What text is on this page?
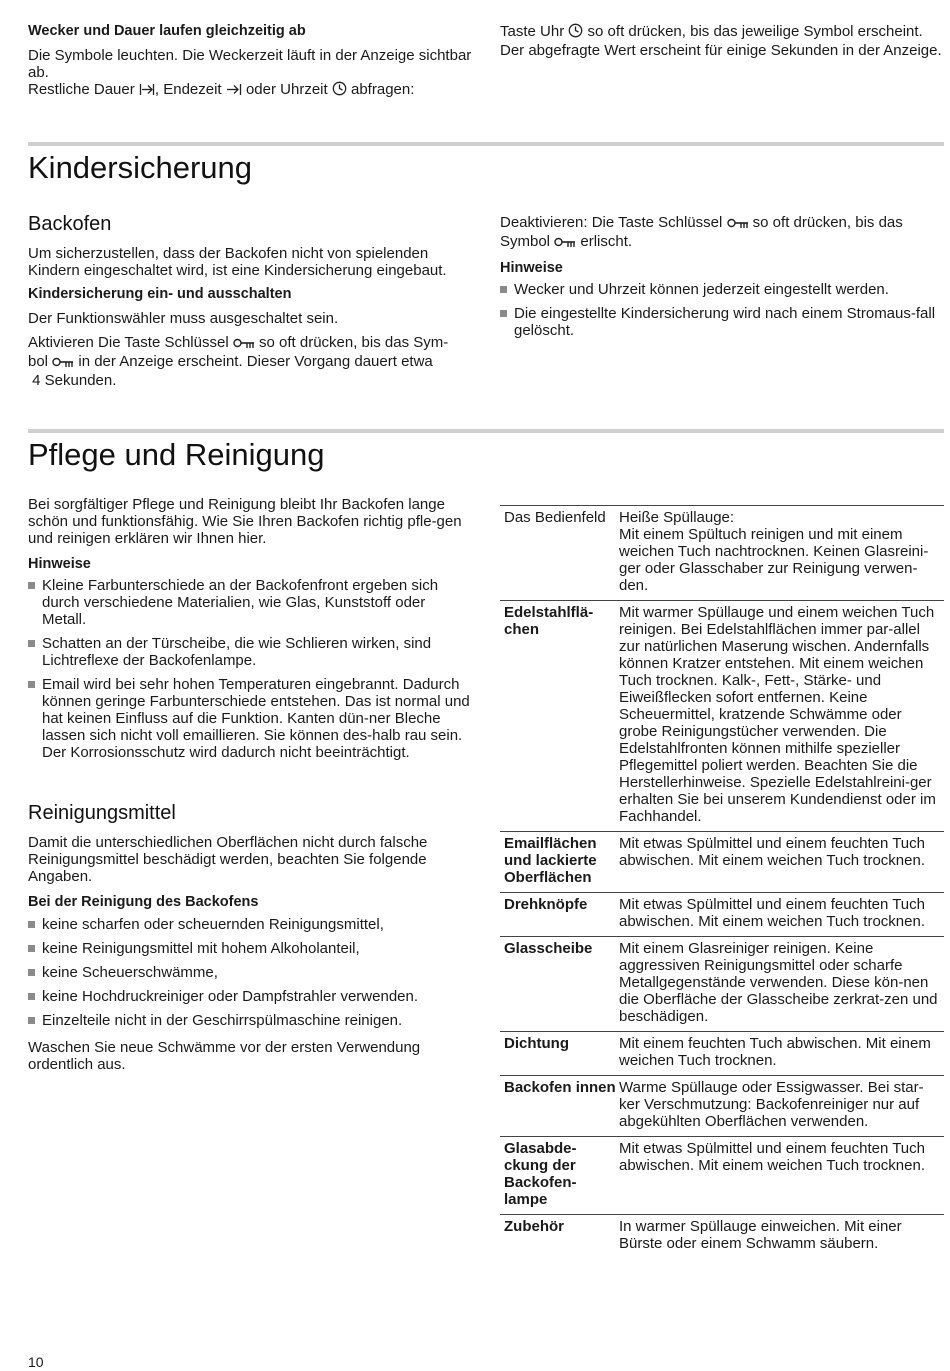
Wecker und Dauer laufen gleichzeitig ab

Die Symbole leuchten. Die Weckerzeit läuft in der Anzeige sichtbar ab.

Restliche Dauer , Endezeit oder Uhrzeit abfragen:

Taste Uhr so oft drücken, bis das jeweilige Symbol erscheint.

Der abgefragte Wert erscheint für einige Sekunden in der Anzeige.

Kindersicherung
Backofen

Um sicherzustellen, dass der Backofen nicht von spielenden Kindern eingeschaltet wird, ist eine Kindersicherung eingebaut.

Kindersicherung ein- und ausschalten

Der Funktionswähler muss ausgeschaltet sein.

Aktivieren Die Taste Schlüssel so oft drücken, bis das Sym-
bol in der Anzeige erscheint. Dieser Vorgang dauert etwa
4 Sekunden.

Deaktivieren: Die Taste Schlüssel so oft drücken, bis das
Symbol erlischt.

Hinweise

Wecker und Uhrzeit können jederzeit eingestellt werden.
Die eingestellte Kindersicherung wird nach einem Stromaus-fall gelöscht.
Pflege und Reinigung

Bei sorgfältiger Pflege und Reinigung bleibt Ihr Backofen lange schön und funktionsfähig. Wie Sie Ihren Backofen richtig pfle-gen und reinigen erklären wir Ihnen hier.

Hinweise

Kleine Farbunterschiede an der Backofenfront ergeben sich durch verschiedene Materialien, wie Glas, Kunststoff oder Metall.
Schatten an der Türscheibe, die wie Schlieren wirken, sind Lichtreflexe der Backofenlampe.
Email wird bei sehr hohen Temperaturen eingebrannt. Dadurch können geringe Farbunterschiede entstehen. Das ist normal und hat keinen Einfluss auf die Funktion. Kanten dün-ner Bleche lassen sich nicht voll emaillieren. Sie können des-halb rau sein. Der Korrosionsschutz wird dadurch nicht beeinträchtigt.
Reinigungsmittel

Damit die unterschiedlichen Oberflächen nicht durch falsche Reinigungsmittel beschädigt werden, beachten Sie folgende Angaben.

Bei der Reinigung des Backofens

keine scharfen oder scheuernden Reinigungsmittel,
keine Reinigungsmittel mit hohem Alkoholanteil,
keine Scheuerschwämme,
keine Hochdruckreiniger oder Dampfstrahler verwenden.
Einzelteile nicht in der Geschirrspülmaschine reinigen.

Waschen Sie neue Schwämme vor der ersten Verwendung ordentlich aus.

Das Bedienfeld	Heiße Spüllauge:
Mit einem Spültuch reinigen und mit einem weichen Tuch nachtrocknen. Keinen Glasreini-ger oder Glasschaber zur Reinigung verwen-den.
Edelstahlflä-chen	Mit warmer Spüllauge und einem weichen Tuch reinigen. Bei Edelstahlflächen immer par-allel zur natürlichen Maserung wischen. Andernfalls können Kratzer entstehen. Mit einem weichen Tuch trocknen. Kalk-, Fett-, Stärke- und Eiweißflecken sofort entfernen. Keine Scheuermittel, kratzende Schwämme oder grobe Reinigungstücher verwenden. Die Edelstahlfronten können mithilfe spezieller Pflegemittel poliert werden. Beachten Sie die Herstellerhinweise. Spezielle Edelstahlreini-ger erhalten Sie bei unserem Kundendienst oder im Fachhandel.
Emailflächen und lackierte Oberflächen	Mit etwas Spülmittel und einem feuchten Tuch abwischen. Mit einem weichen Tuch trocknen.
Drehknöpfe	Mit etwas Spülmittel und einem feuchten Tuch abwischen. Mit einem weichen Tuch trocknen.
Glasscheibe	Mit einem Glasreiniger reinigen. Keine aggressiven Reinigungsmittel oder scharfe Metallgegenstände verwenden. Diese kön-nen die Oberfläche der Glasscheibe zerkrat-zen und beschädigen.
Dichtung	Mit einem feuchten Tuch abwischen. Mit einem weichen Tuch trocknen.
Backofen innen	Warme Spüllauge oder Essigwasser. Bei star-ker Verschmutzung: Backofenreiniger nur auf abgekühlten Oberflächen verwenden.
Glasabde-ckung der Backofen-lampe	Mit etwas Spülmittel und einem feuchten Tuch abwischen. Mit einem weichen Tuch trocknen.
Zubehör	In warmer Spüllauge einweichen. Mit einer Bürste oder einem Schwamm säubern.
10
